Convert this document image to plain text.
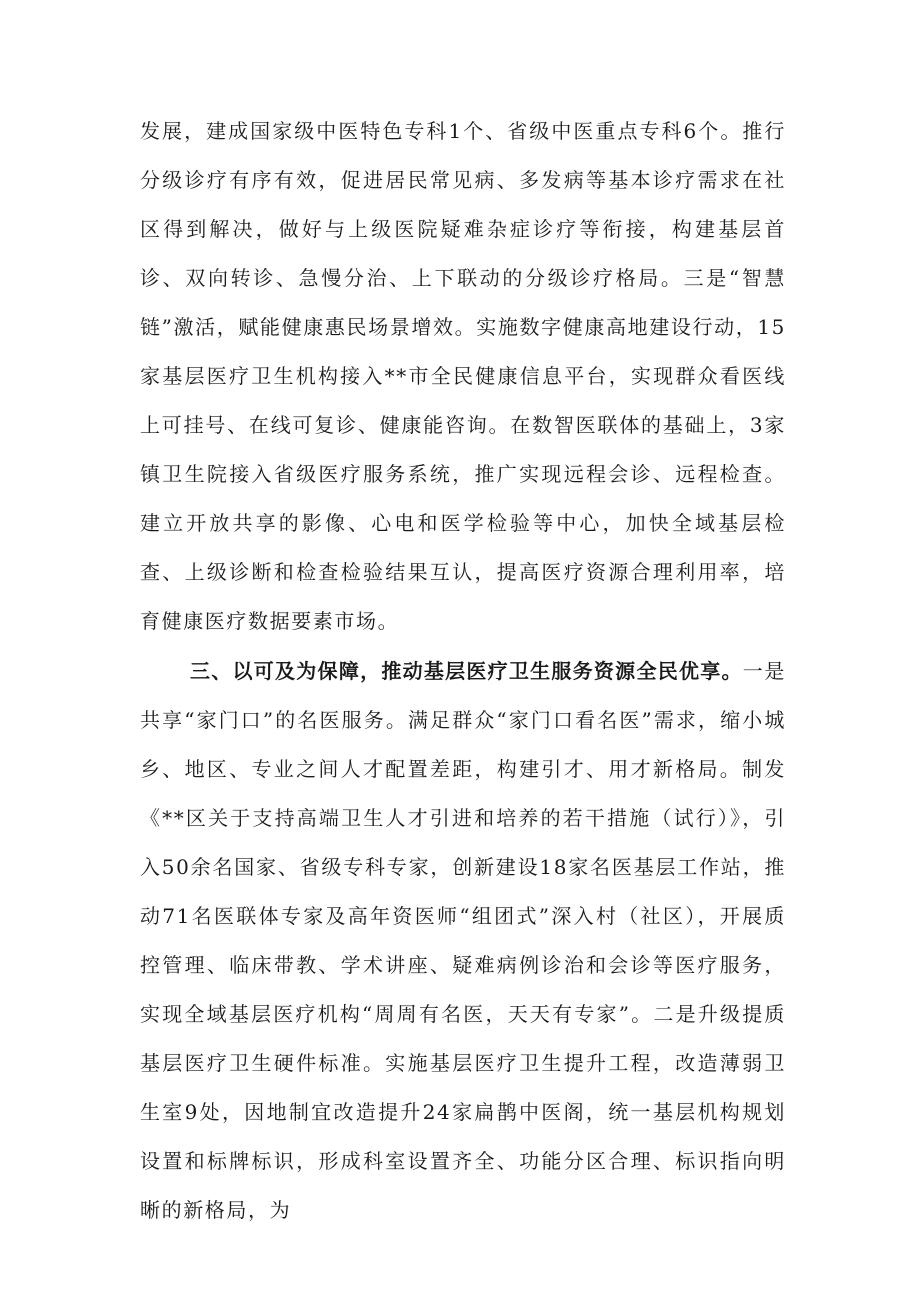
发展，建成国家级中医特色专科1个、省级中医重点专科6个。推行分级诊疗有序有效，促进居民常见病、多发病等基本诊疗需求在社区得到解决，做好与上级医院疑难杂症诊疗等衔接，构建基层首诊、双向转诊、急慢分治、上下联动的分级诊疗格局。三是“智慧链”激活，赋能健康惠民场景增效。实施数字健康高地建设行动，15家基层医疗卫生机构接入**市全民健康信息平台，实现群众看医线上可挂号、在线可复诊、健康能咨询。在数智医联体的基础上，3家镇卫生院接入省级医疗服务系统，推广实现远程会诊、远程检查。建立开放共享的影像、心电和医学检验等中心，加快全域基层检查、上级诊断和检查检验结果互认，提高医疗资源合理利用率，培育健康医疗数据要素市场。

三、以可及为保障，推动基层医疗卫生服务资源全民优享。一是共享“家门口”的名医服务。满足群众“家门口看名医”需求，缩小城乡、地区、专业之间人才配置差距，构建引才、用才新格局。制发《**区关于支持高端卫生人才引进和培养的若干措施（试行）》，引入50余名国家、省级专科专家，创新建设18家名医基层工作站，推动71名医联体专家及高年资医师“组团式”深入村（社区），开展质控管理、临床带教、学术讲座、疑难病例诊治和会诊等医疗服务，实现全域基层医疗机构“周周有名医，天天有专家”。二是升级提质基层医疗卫生硬件标准。实施基层医疗卫生提升工程，改造薄弱卫生室9处，因地制宜改造提升24家扁鹊中医阁，统一基层机构规划设置和标牌标识，形成科室设置齐全、功能分区合理、标识指向明晰的新格局，为
